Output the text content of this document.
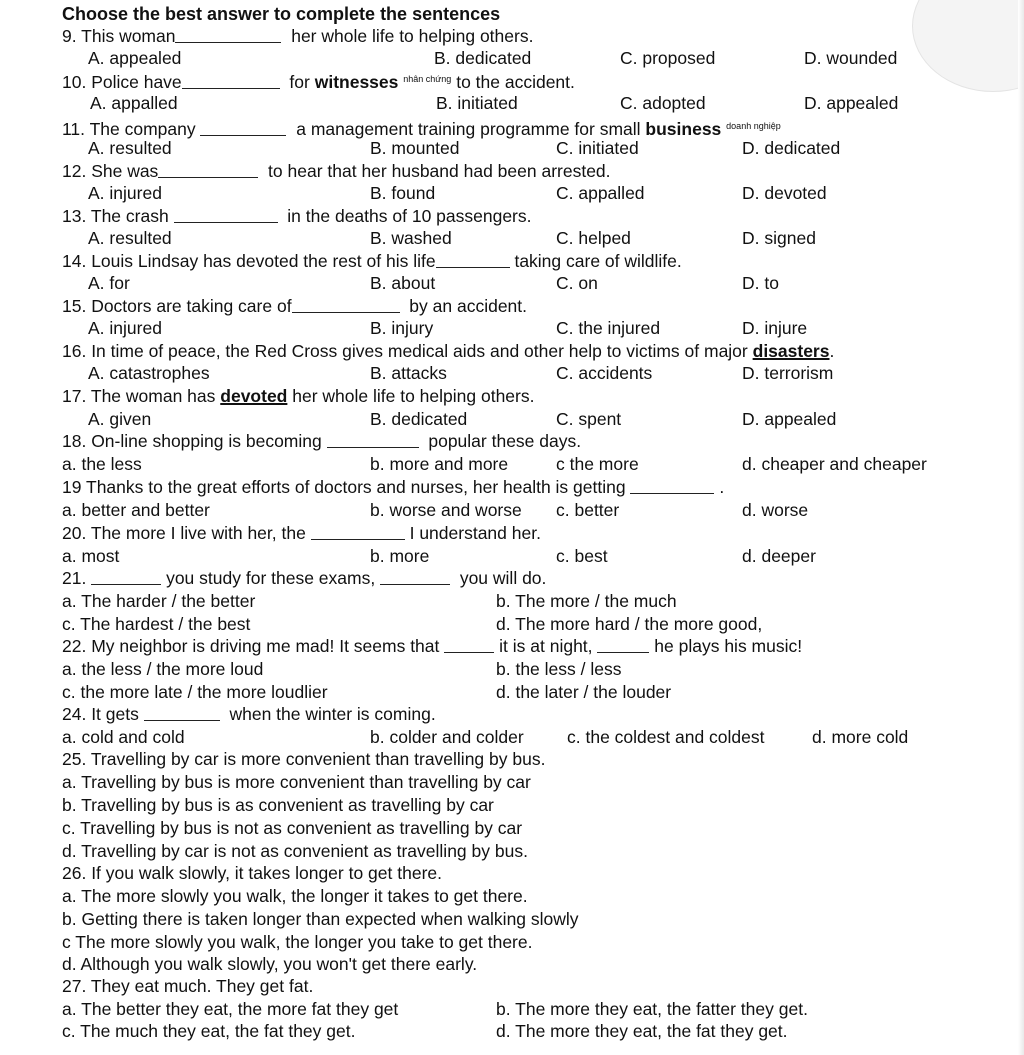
Choose the best answer to complete the sentences
9. This woman	her whole life to helping others.
A. appealed	B. dedicated	C. proposed	D. wounded
10. Police have	for witnesses $^{nhân chứng}$ to the accident.
A. appalled	B. initiated	C. adopted	D. appealed
11. The company	a management training programme for small business $^{doanh nghiệp}$
A. resulted	B. mounted	C. initiated	D. dedicated
12. She was	to hear that her husband had been arrested.
A. injured	B. found	C. appalled	D. devoted
13. The crash	in the deaths of 10 passengers.
A. resulted	B. washed	C. helped	D. signed
14. Louis Lindsay has devoted the rest of his life	taking care of wildlife.
A. for	B. about	C. on	D. to
15. Doctors are taking care of	by an accident.
A. injured	B. injury	C. the injured	D. injure
16. In time of peace, the Red Cross gives medical aids and other help to victims of major disasters.
A. catastrophes	B. attacks	C. accidents	D. terrorism
17. The woman has devoted her whole life to helping others.
A. given	B. dedicated	C. spent	D. appealed
18. On-line shopping is becoming	popular these days.
a. the less	b. more and more	c the more	d. cheaper and cheaper
19 Thanks to the great efforts of doctors and nurses, her health is getting	.
a. better and better	b. worse and worse c. better	d. worse
20. The more I live with her, the	I understand her.
a. most	b. more	c. best	d. deeper
21.	you study for these exams,	you will do.
a. The harder / the better	b. The more / the much
c. The hardest / the best	d. The more hard / the more good,
22. My neighbor is driving me mad! It seems that	it is at night,	he plays his music!
a. the less / the more loud	b. the less / less
c. the more late / the more loudlier	d. the later / the louder
24. It gets	when the winter is coming.
a. cold and cold	b. colder and colder c. the coldest and coldest	d. more cold
25. Travelling by car is more convenient than travelling by bus.
a. Travelling by bus is more convenient than travelling by car
b. Travelling by bus is as convenient as travelling by car
c. Travelling by bus is not as convenient as travelling by car
d. Travelling by car is not as convenient as travelling by bus.
26. If you walk slowly, it takes longer to get there.
a. The more slowly you walk, the longer it takes to get there.
b. Getting there is taken longer than expected when walking slowly
c The more slowly you walk, the longer you take to get there.
d. Although you walk slowly, you won't get there early.
27. They eat much. They get fat.
a. The better they eat, the more fat they get	b. The more they eat, the fatter they get.
c. The much they eat, the fat they get.	d. The more they eat, the fat they get.
